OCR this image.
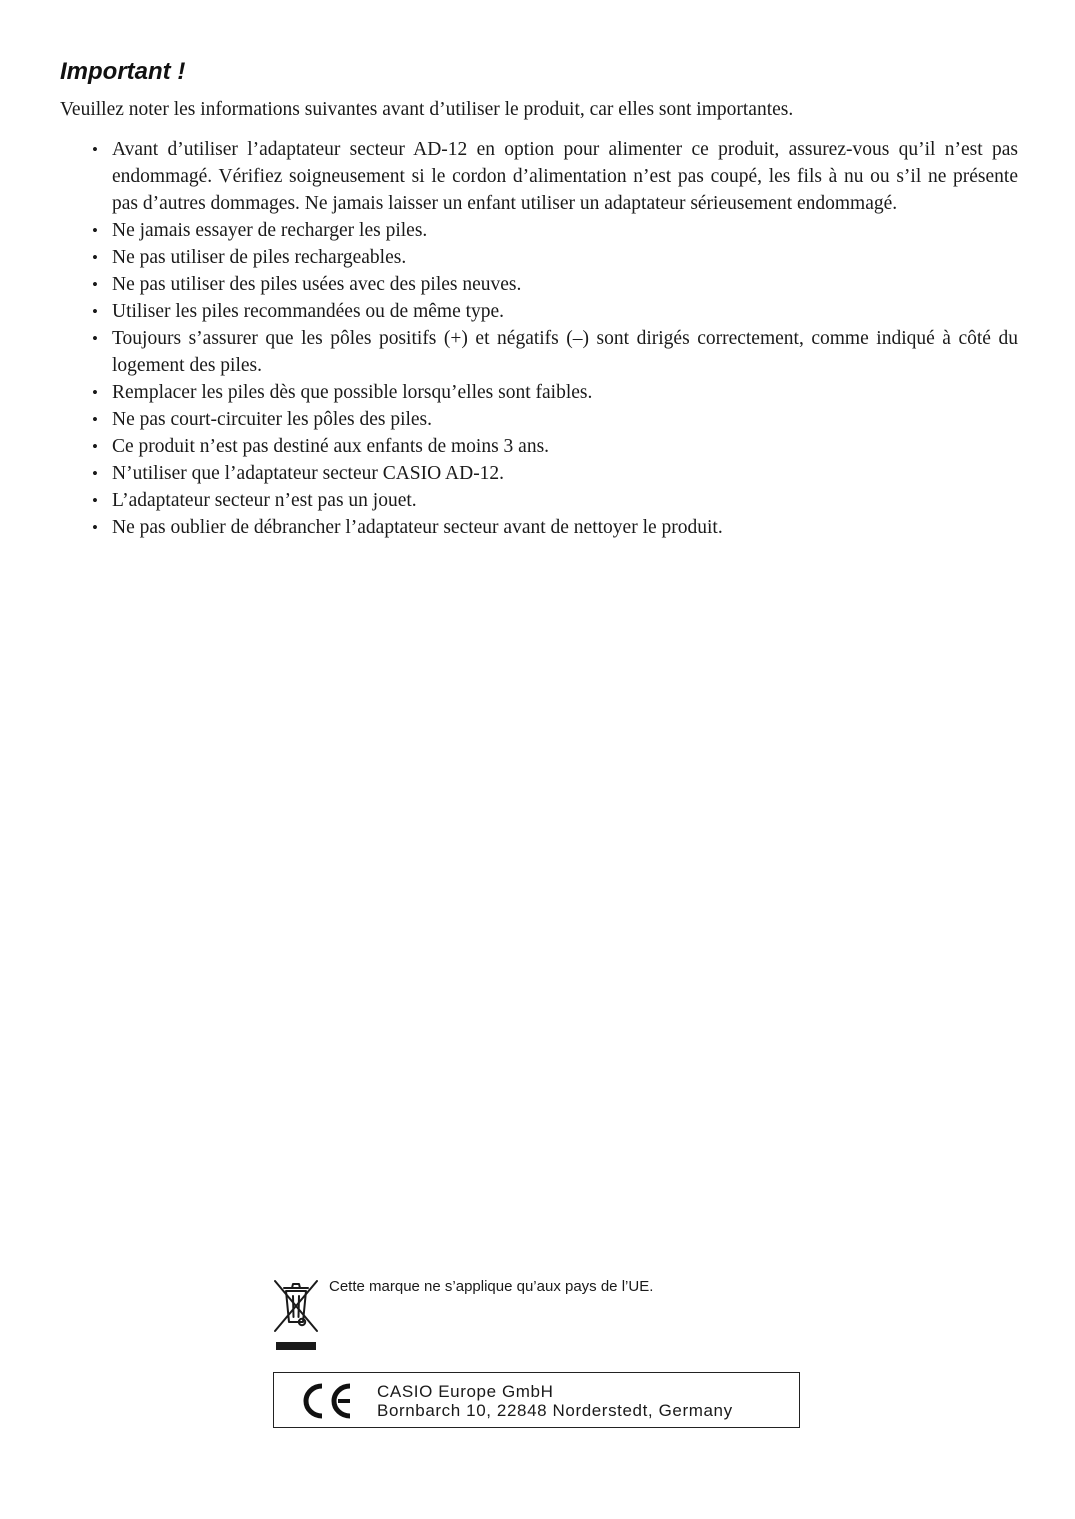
Important !

Veuillez noter les informations suivantes avant d’utiliser le produit, car elles sont importantes.

• Avant d’utiliser l’adaptateur secteur AD-12 en option pour alimenter ce produit, assurez-vous qu’il n’est pas endommagé. Vérifiez soigneusement si le cordon d’alimentation n’est pas coupé, les fils à nu ou s’il ne présente pas d’autres dommages. Ne jamais laisser un enfant utiliser un adaptateur sérieusement endommagé.
• Ne jamais essayer de recharger les piles.
• Ne pas utiliser de piles rechargeables.
• Ne pas utiliser des piles usées avec des piles neuves.
• Utiliser les piles recommandées ou de même type.
• Toujours s’assurer que les pôles positifs (+) et négatifs (–) sont dirigés correctement, comme indiqué à côté du logement des piles.
• Remplacer les piles dès que possible lorsqu’elles sont faibles.
• Ne pas court-circuiter les pôles des piles.
• Ce produit n’est pas destiné aux enfants de moins 3 ans.
• N’utiliser que l’adaptateur secteur CASIO AD-12.
• L’adaptateur secteur n’est pas un jouet.
• Ne pas oublier de débrancher l’adaptateur secteur avant de nettoyer le produit.
Cette marque ne s’applique qu’aux pays de l’UE.
CASIO Europe GmbH
Bornbarch 10, 22848 Norderstedt, Germany
